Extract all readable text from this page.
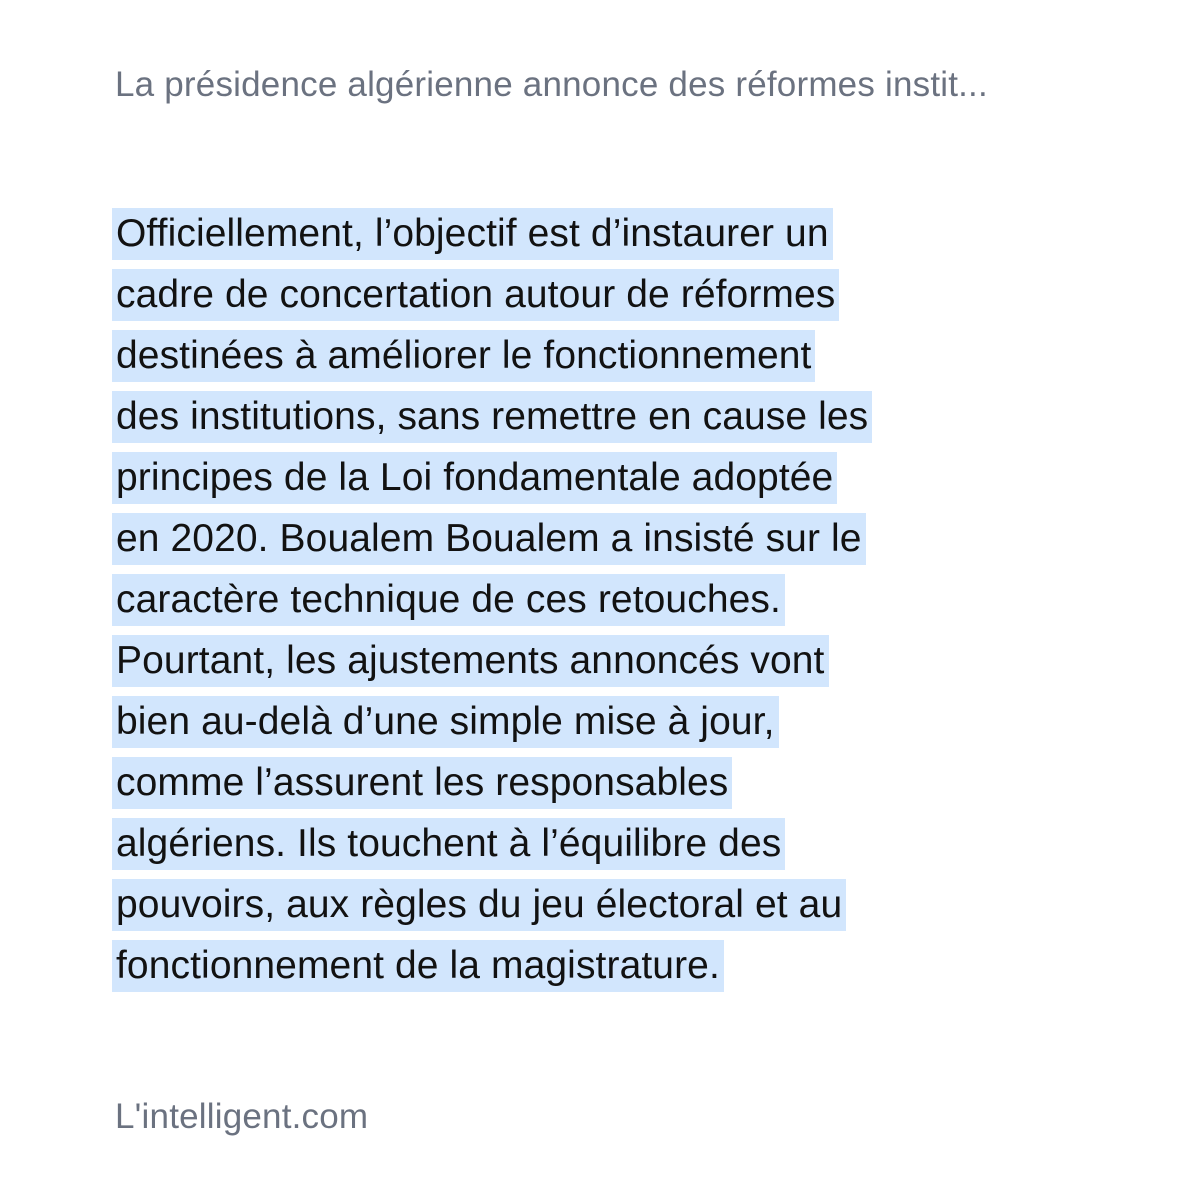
La présidence algérienne annonce des réformes instit...
Officiellement, l’objectif est d’instaurer un
cadre de concertation autour de réformes
destinées à améliorer le fonctionnement
des institutions, sans remettre en cause les
principes de la Loi fondamentale adoptée
en 2020. Boualem Boualem a insisté sur le
caractère technique de ces retouches.
Pourtant, les ajustements annoncés vont
bien au-delà d’une simple mise à jour,
comme l’assurent les responsables
algériens. Ils touchent à l’équilibre des
pouvoirs, aux règles du jeu électoral et au
fonctionnement de la magistrature.
L'intelligent.com
